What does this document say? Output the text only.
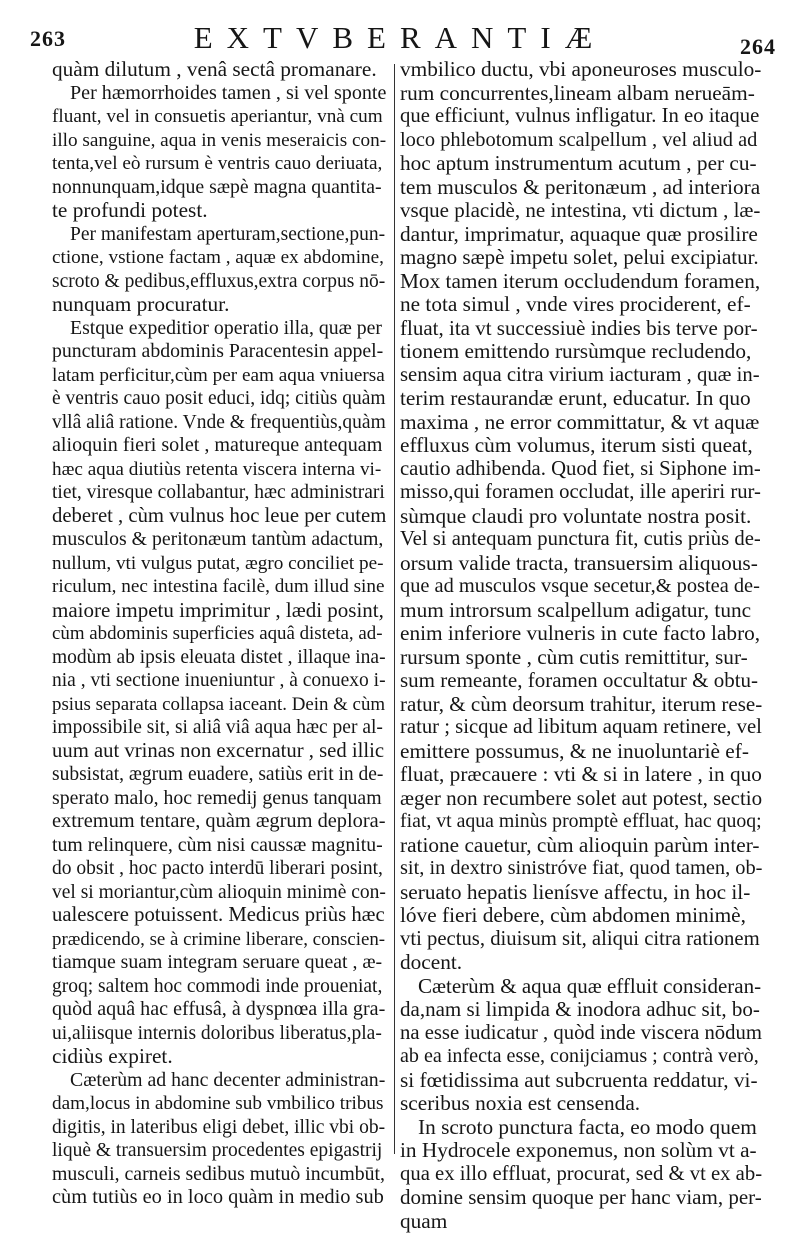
263	EXTVBERANTIÆ	264
quàm dilutum , venâ sectâ promanare.
Per hæmorrhoides tamen , si vel sponte
fluant, vel in consuetis aperiantur, vnà cum
illo sanguine, aqua in venis meseraicis con-
tenta,vel eò rursum è ventris cauo deriuata,
nonnunquam,idque sæpè magna quantita-
te profundi potest.
Per manifestam aperturam,sectione,pun-
ctione, vstione factam , aquæ ex abdomine,
scroto & pedibus,effluxus,extra corpus nō-
nunquam procuratur.
Estque expeditior operatio illa, quæ per
puncturam abdominis Paracentesin appel-
latam perficitur,cùm per eam aqua vniuersa
è ventris cauo posit educi, idq; citiùs quàm
vllâ aliâ ratione. Vnde & frequentiùs,quàm
alioquin fieri solet , matureque antequam
hæc aqua diutiùs retenta viscera interna vi-
tiet, viresque collabantur, hæc administrari
deberet , cùm vulnus hoc leue per cutem
musculos & peritonæum tantùm adactum,
nullum, vti vulgus putat, ægro conciliet pe-
riculum, nec intestina facilè, dum illud sine
maiore impetu imprimitur , lædi posint,
cùm abdominis superficies aquâ disteta, ad-
modùm ab ipsis eleuata distet , illaque ina-
nia , vti sectione inueniuntur , à conuexo i-
psius separata collapsa iaceant. Dein & cùm
impossibile sit, si aliâ viâ aqua hæc per al-
uum aut vrinas non excernatur , sed illic
subsistat, ægrum euadere, satiùs erit in de-
sperato malo, hoc remedij genus tanquam
extremum tentare, quàm ægrum deplora-
tum relinquere, cùm nisi caussæ magnitu-
do obsit , hoc pacto interdū liberari posint,
vel si moriantur,cùm alioquin minimè con-
ualescere potuissent. Medicus priùs hæc
prædicendo, se à crimine liberare, conscien-
tiamque suam integram seruare queat , æ-
groq; saltem hoc commodi inde proueniat,
quòd aquâ hac effusâ, à dyspnœa illa gra-
ui,aliisque internis doloribus liberatus,pla-
cidiùs expiret.
Cæterùm ad hanc decenter administran-
dam,locus in abdomine sub vmbilico tribus
digitis, in lateribus eligi debet, illic vbi ob-
liquè & transuersim procedentes epigastrij
musculi, carneis sedibus mutuò incumbūt,
cùm tutiùs eo in loco quàm in medio sub
vmbilico ductu, vbi aponeuroses musculo-
rum concurrentes,lineam albam nerueām-
que efficiunt, vulnus infligatur. In eo itaque
loco phlebotomum scalpellum , vel aliud ad
hoc aptum instrumentum acutum , per cu-
tem musculos & peritonæum , ad interiora
vsque placidè, ne intestina, vti dictum , læ-
dantur, imprimatur, aquaque quæ prosilire
magno sæpè impetu solet, pelui excipiatur.
Mox tamen iterum occludendum foramen,
ne tota simul , vnde vires prociderent, ef-
fluat, ita vt successiuè indies bis terve por-
tionem emittendo rursùmque recludendo,
sensim aqua citra virium iacturam , quæ in-
terim restaurandæ erunt, educatur. In quo
maxima , ne error committatur, & vt aquæ
effluxus cùm volumus, iterum sisti queat,
cautio adhibenda. Quod fiet, si Siphone im-
misso,qui foramen occludat, ille aperiri rur-
sùmque claudi pro voluntate nostra posit.
Vel si antequam punctura fit, cutis priùs de-
orsum valide tracta, transuersim aliquous-
que ad musculos vsque secetur,& postea de-
mum introrsum scalpellum adigatur, tunc
enim inferiore vulneris in cute facto labro,
rursum sponte , cùm cutis remittitur, sur-
sum remeante, foramen occultatur & obtu-
ratur, & cùm deorsum trahitur, iterum rese-
ratur ; sicque ad libitum aquam retinere, vel
emittere possumus, & ne inuoluntariè ef-
fluat, præcauere : vti & si in latere , in quo
æger non recumbere solet aut potest, sectio
fiat, vt aqua minùs promptè effluat, hac quoq;
ratione cauetur, cùm alioquin parùm inter-
sit, in dextro sinistróve fiat, quod tamen, ob-
seruato hepatis lienísve affectu, in hoc il-
lóve fieri debere, cùm abdomen minimè,
vti pectus, diuisum sit, aliqui citra rationem
docent.
Cæterùm & aqua quæ effluit consideran-
da,nam si limpida & inodora adhuc sit, bo-
na esse iudicatur , quòd inde viscera nōdum
ab ea infecta esse, conijciamus ; contrà verò,
si fœtidissima aut subcruenta reddatur, vi-
sceribus noxia est censenda.
In scroto punctura facta, eo modo quem
in Hydrocele exponemus, non solùm vt a-
qua ex illo effluat, procurat, sed & vt ex ab-
domine sensim quoque per hanc viam, per-
quam
